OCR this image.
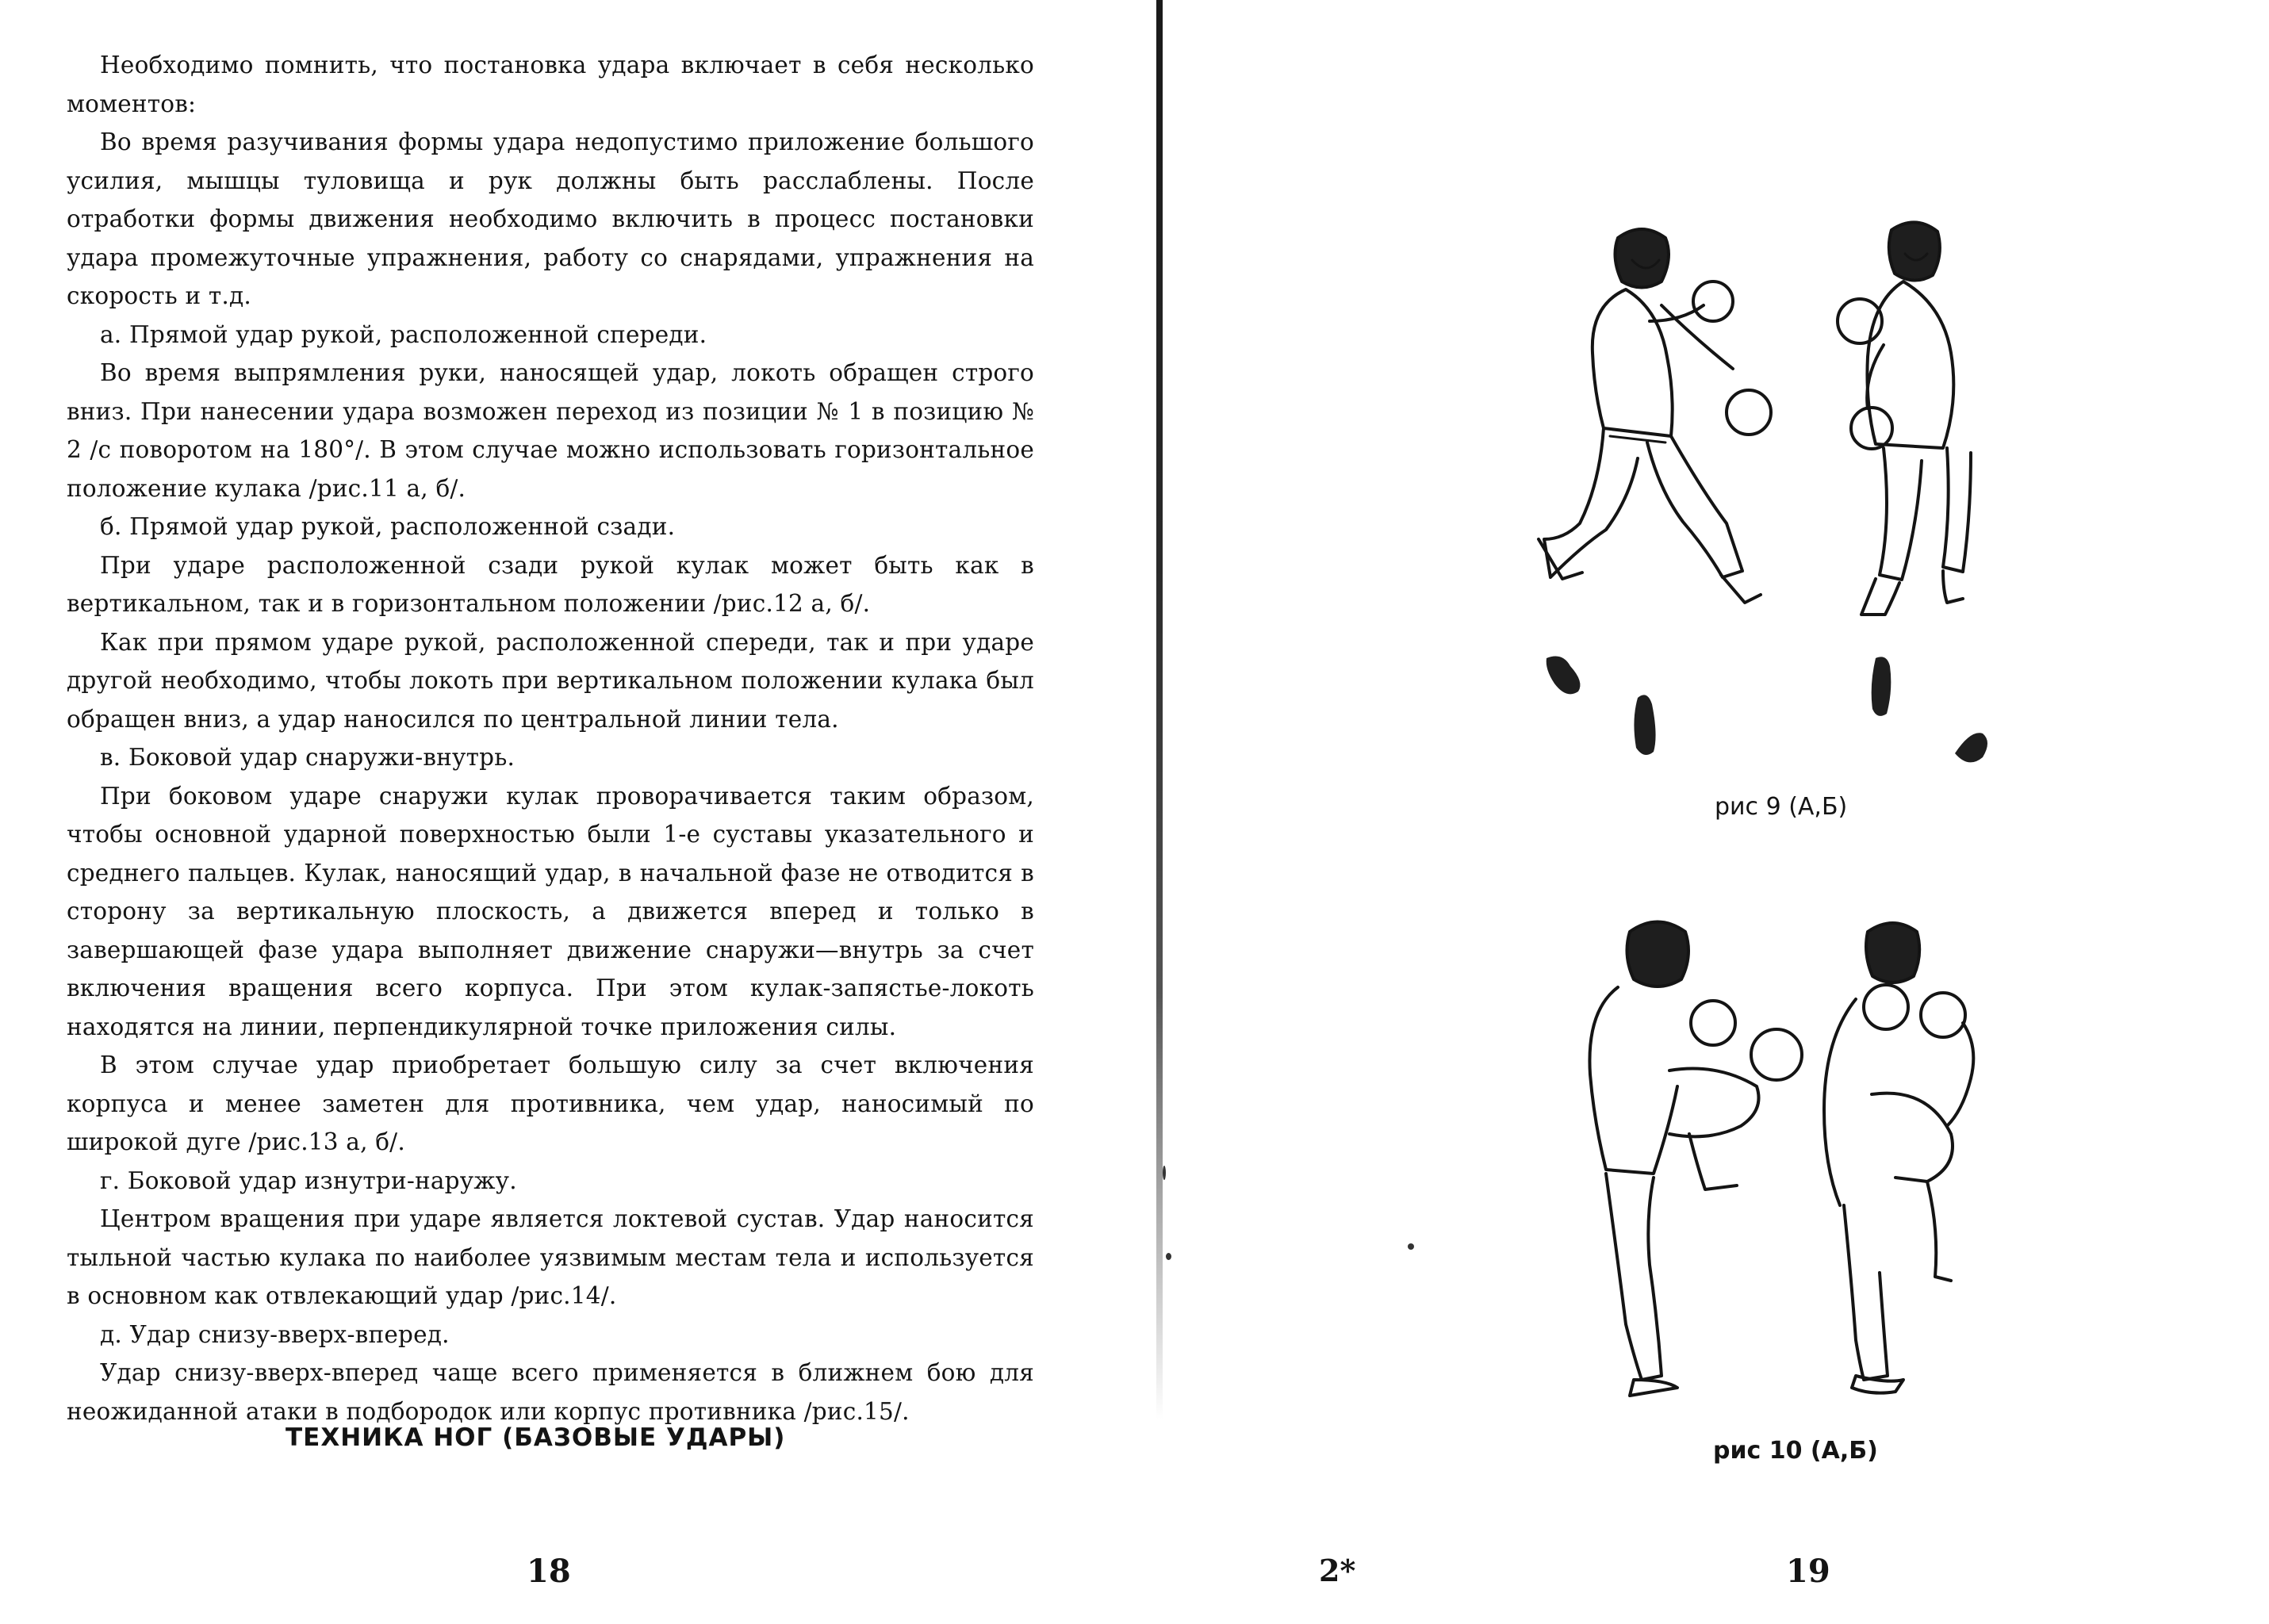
Необходимо помнить, что постановка удара включает в себя несколько моментов:

Во время разучивания формы удара недопустимо приложение большого усилия, мышцы туловища и рук должны быть расслаблены. После отработки формы движения необходимо включить в процесс постановки удара промежуточные упражнения, работу со снарядами, упражнения на скорость и т.д.

а. Прямой удар рукой, расположенной спереди.

Во время выпрямления руки, наносящей удар, локоть обращен строго вниз. При нанесении удара возможен переход из позиции № 1 в позицию № 2 /с поворотом на 180°/. В этом случае можно использовать горизонтальное положение кулака /рис.11 а, б/.

б. Прямой удар рукой, расположенной сзади.

При ударе расположенной сзади рукой кулак может быть как в вертикальном, так и в горизонтальном положении /рис.12 а, б/.

Как при прямом ударе рукой, расположенной спереди, так и при ударе другой необходимо, чтобы локоть при вертикальном положении кулака был обращен вниз, а удар наносился по центральной линии тела.

в. Боковой удар снаружи-внутрь.

При боковом ударе снаружи кулак проворачивается таким образом, чтобы основной ударной поверхностью были 1-е суставы указательного и среднего пальцев. Кулак, наносящий удар, в начальной фазе не отводится в сторону за вертикальную плоскость, а движется вперед и только в завершающей фазе удара выполняет движение снаружи—внутрь за счет включения вращения всего корпуса. При этом кулак-запястье-локоть находятся на линии, перпендикулярной точке приложения силы.

В этом случае удар приобретает большую силу за счет включения корпуса и менее заметен для противника, чем удар, наносимый по широкой дуге /рис.13 а, б/.

г. Боковой удар изнутри-наружу.

Центром вращения при ударе является локтевой сустав. Удар наносится тыльной частью кулака по наиболее уязвимым местам тела и используется в основном как отвлекающий удар /рис.14/.

д. Удар снизу-вверх-вперед.

Удар снизу-вверх-вперед чаще всего применяется в ближнем бою для неожиданной атаки в подбородок или корпус противника /рис.15/.

ТЕХНИКА НОГ (БАЗОВЫЕ УДАРЫ)
18	2*
рис 9 (А,Б)
рис 10 (А,Б)
19
